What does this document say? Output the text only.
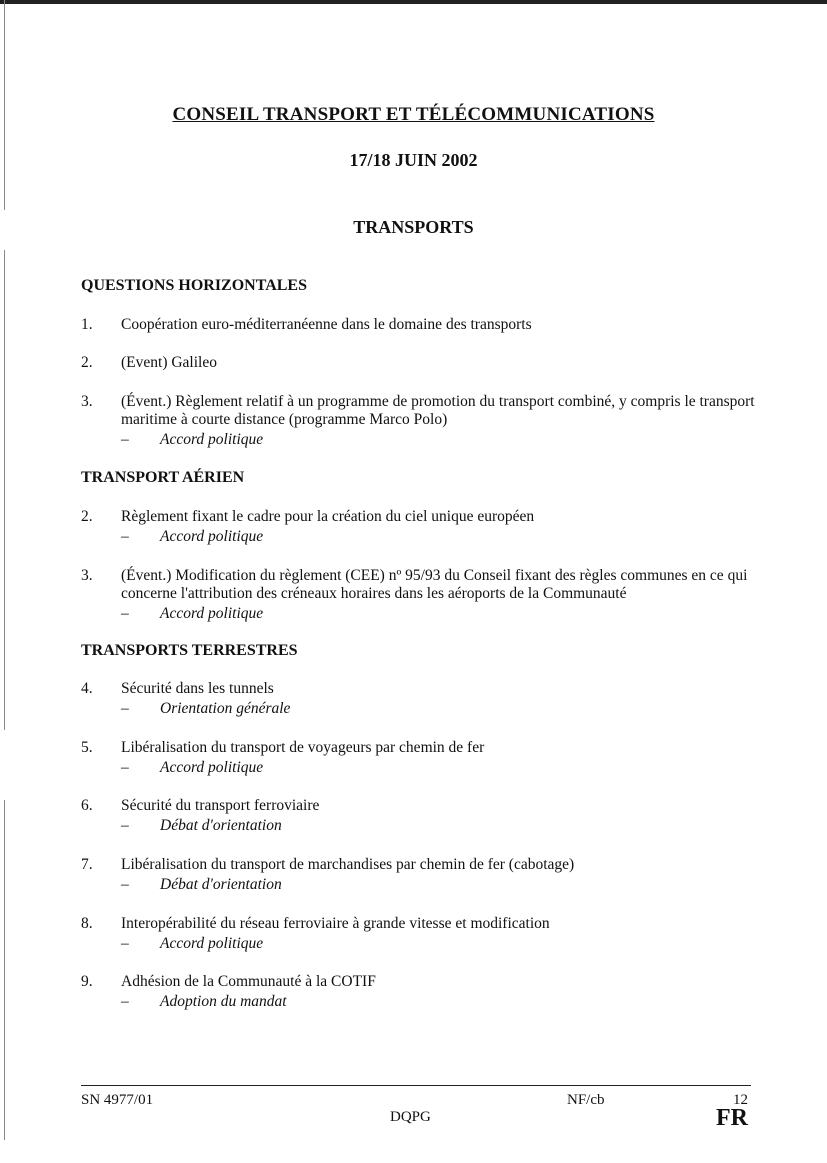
CONSEIL TRANSPORT ET TÉLÉCOMMUNICATIONS
17/18 JUIN 2002
TRANSPORTS
QUESTIONS HORIZONTALES
1. Coopération euro-méditerranéenne dans le domaine des transports
2. (Event) Galileo
3. (Évent.) Règlement relatif à un programme de promotion du transport combiné, y compris le transport maritime à courte distance (programme Marco Polo)
– Accord politique
TRANSPORT AÉRIEN
2. Règlement fixant le cadre pour la création du ciel unique européen
– Accord politique
3. (Évent.) Modification du règlement (CEE) nº 95/93 du Conseil fixant des règles communes en ce qui concerne l'attribution des créneaux horaires dans les aéroports de la Communauté
– Accord politique
TRANSPORTS TERRESTRES
4. Sécurité dans les tunnels
– Orientation générale
5. Libéralisation du transport de voyageurs par chemin de fer
– Accord politique
6. Sécurité du transport ferroviaire
– Débat d'orientation
7. Libéralisation du transport de marchandises par chemin de fer (cabotage)
– Débat d'orientation
8. Interopérabilité du réseau ferroviaire à grande vitesse et modification
– Accord politique
9. Adhésion de la Communauté à la COTIF
– Adoption du mandat
SN 4977/01	NF/cb	12
DQPG	FR
